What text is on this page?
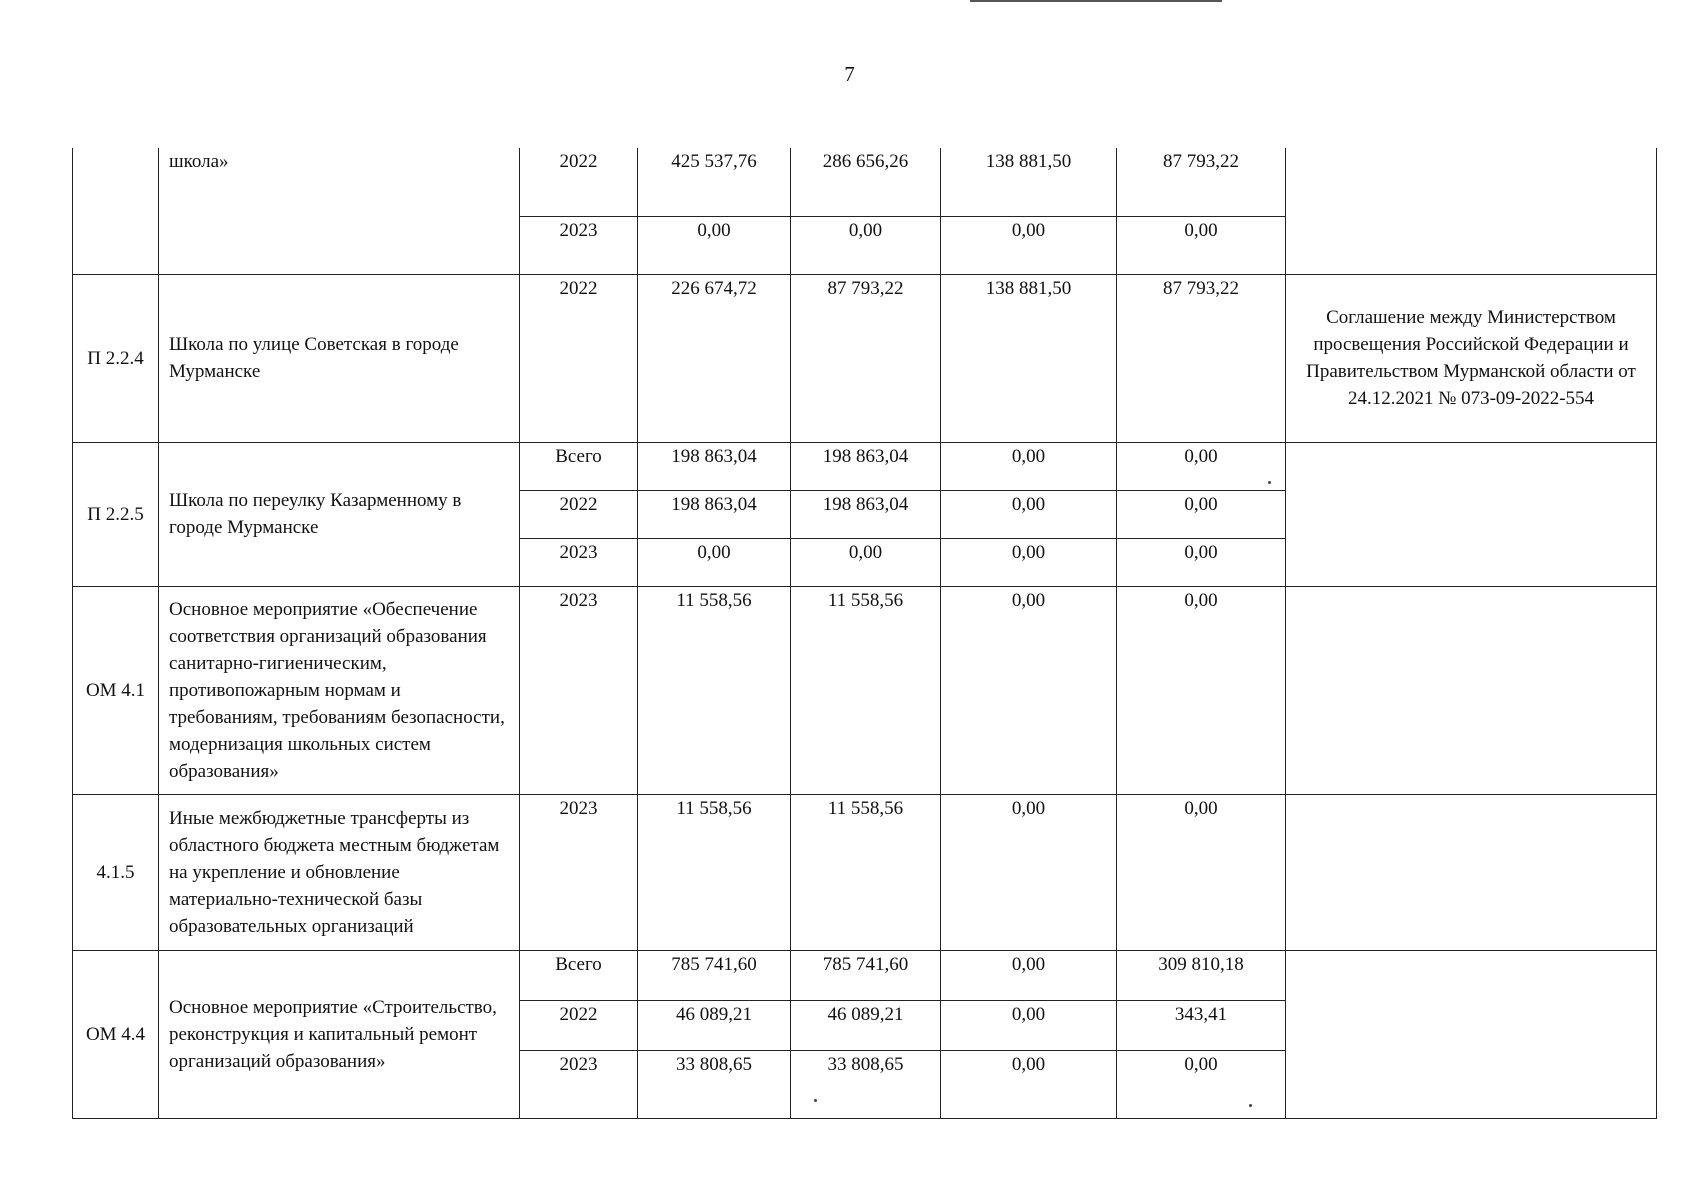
7
	школа»	2022	425 537,76	286 656,26	138 881,50	87 793,22	
		2023	0,00	0,00	0,00	0,00	
П 2.2.4	Школа по улице Советская в городе Мурманске	2022	226 674,72	87 793,22	138 881,50	87 793,22	Соглашение между Министерством просвещения Российской Федерации и Правительством Мурманской области от 24.12.2021 № 073-09-2022-554
П 2.2.5	Школа по переулку Казарменному в городе Мурманске	Всего	198 863,04	198 863,04	0,00	0,00	
		2022	198 863,04	198 863,04	0,00	0,00	
		2023	0,00	0,00	0,00	0,00	
ОМ 4.1	Основное мероприятие «Обеспечение соответствия организаций образования санитарно-гигиеническим, противопожарным нормам и требованиям, требованиям безопасности, модернизация школьных систем образования»	2023	11 558,56	11 558,56	0,00	0,00	
4.1.5	Иные межбюджетные трансферты из областного бюджета местным бюджетам на укрепление и обновление материально-технической базы образовательных организаций	2023	11 558,56	11 558,56	0,00	0,00	
ОМ 4.4	Основное мероприятие «Строительство, реконструкция и капитальный ремонт организаций образования»	Всего	785 741,60	785 741,60	0,00	309 810,18	
		2022	46 089,21	46 089,21	0,00	343,41	
		2023	33 808,65	33 808,65	0,00	0,00	
